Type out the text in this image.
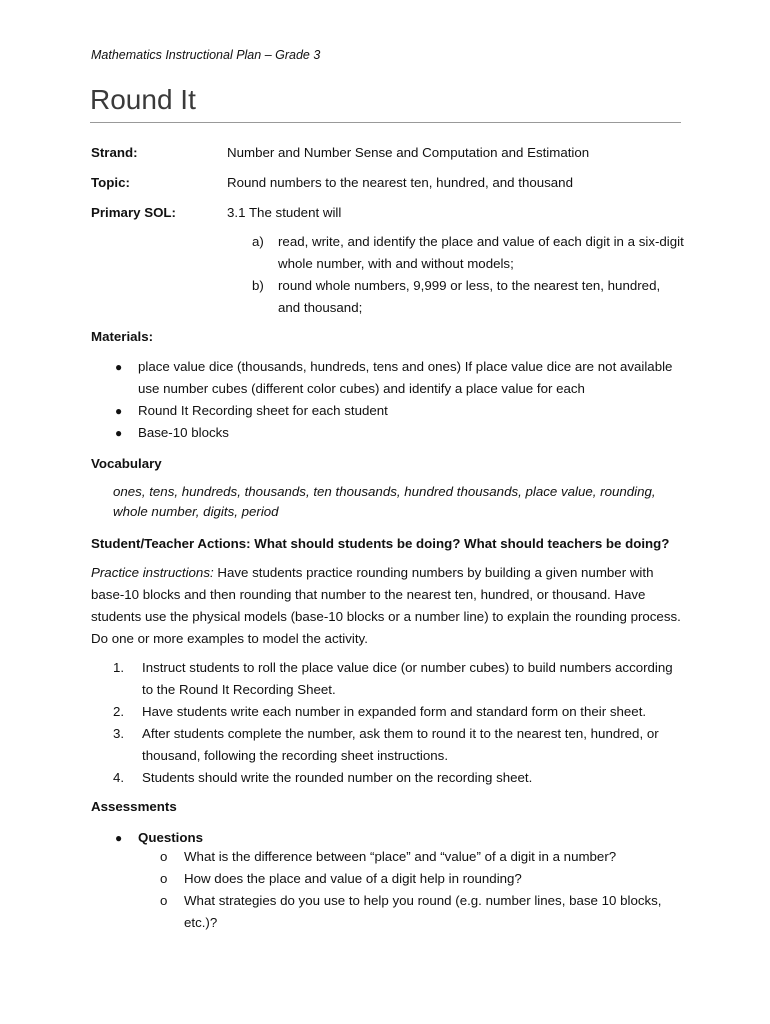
Mathematics Instructional Plan – Grade 3
Round It
Strand:	Number and Number Sense and Computation and Estimation
Topic:	Round numbers to the nearest ten, hundred, and thousand
Primary SOL:	3.1 The student will
a) read, write, and identify the place and value of each digit in a six-digit whole number, with and without models;
b) round whole numbers, 9,999 or less, to the nearest ten, hundred, and thousand;
Materials:
● place value dice (thousands, hundreds, tens and ones) If place value dice are not available use number cubes (different color cubes) and identify a place value for each
● Round It Recording sheet for each student
● Base-10 blocks
Vocabulary
ones, tens, hundreds, thousands, ten thousands, hundred thousands, place value, rounding, whole number, digits, period
Student/Teacher Actions: What should students be doing? What should teachers be doing?
Practice instructions: Have students practice rounding numbers by building a given number with base-10 blocks and then rounding that number to the nearest ten, hundred, or thousand. Have students use the physical models (base-10 blocks or a number line) to explain the rounding process. Do one or more examples to model the activity.
1. Instruct students to roll the place value dice (or number cubes) to build numbers according to the Round It Recording Sheet.
2. Have students write each number in expanded form and standard form on their sheet.
3. After students complete the number, ask them to round it to the nearest ten, hundred, or thousand, following the recording sheet instructions.
4. Students should write the rounded number on the recording sheet.
Assessments
● Questions
o What is the difference between “place” and “value” of a digit in a number?
o How does the place and value of a digit help in rounding?
o What strategies do you use to help you round (e.g. number lines, base 10 blocks, etc.)?
